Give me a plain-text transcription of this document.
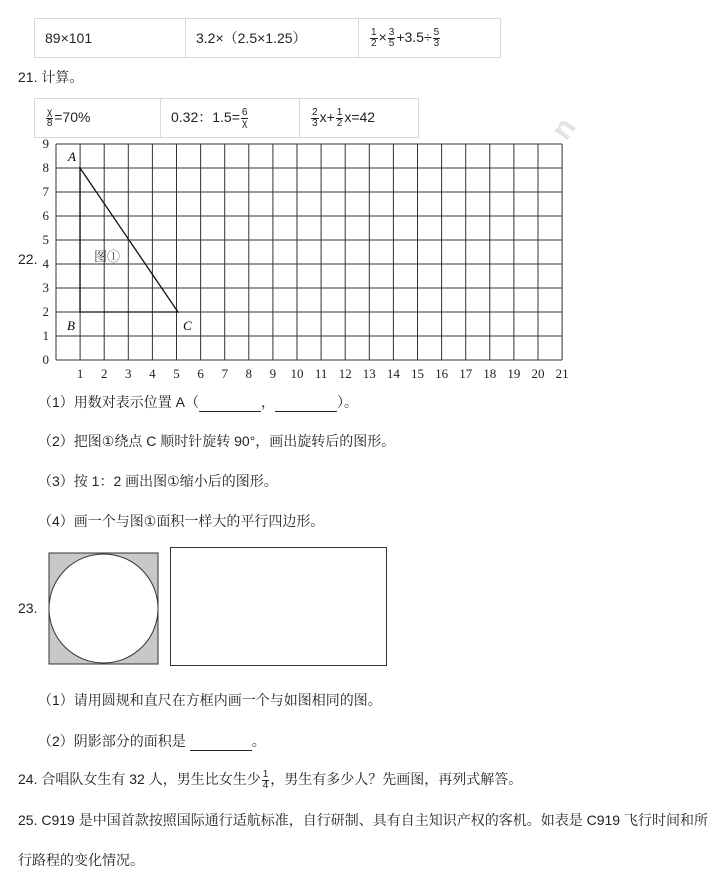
89×101	3.2×（2.5×1.25）	$\frac{1}{2} \times \frac{3}{5} +3.5\div \frac{5}{3}$
21. 计算。
$\frac{\chi}{8} =70\%$	0.32：$1.5= \frac{6}{\chi}$	$\frac{2}{3} x+ \frac{1}{2} x=42$	n
22.
0
1
2
3
4
5
6
7
8
9
1 2 3 4 5 6 7 8 9 10 11 12 13 14 15 16 17 18 19 20 21
A
B	C
图①
（1）用数对表示位置 A（	，	）。
（2）把图①绕点 C 顺时针旋转 90°，画出旋转后的图形。
（3）按 1：2 画出图①缩小后的图形。
（4）画一个与图①面积一样大的平行四边形。
23.
（1）请用圆规和直尺在方框内画一个与如图相同的图。
（2）阴影部分的面积是	。
24. 合唱队女生有 32 人，男生比女生少 $\frac{1}{4}$ ，男生有多少人？先画图，再列式解答。
25. C919 是中国首款按照国际通行适航标准，自行研制、具有自主知识产权的客机。如表是 C919 飞行时间和所
行路程的变化情况。
